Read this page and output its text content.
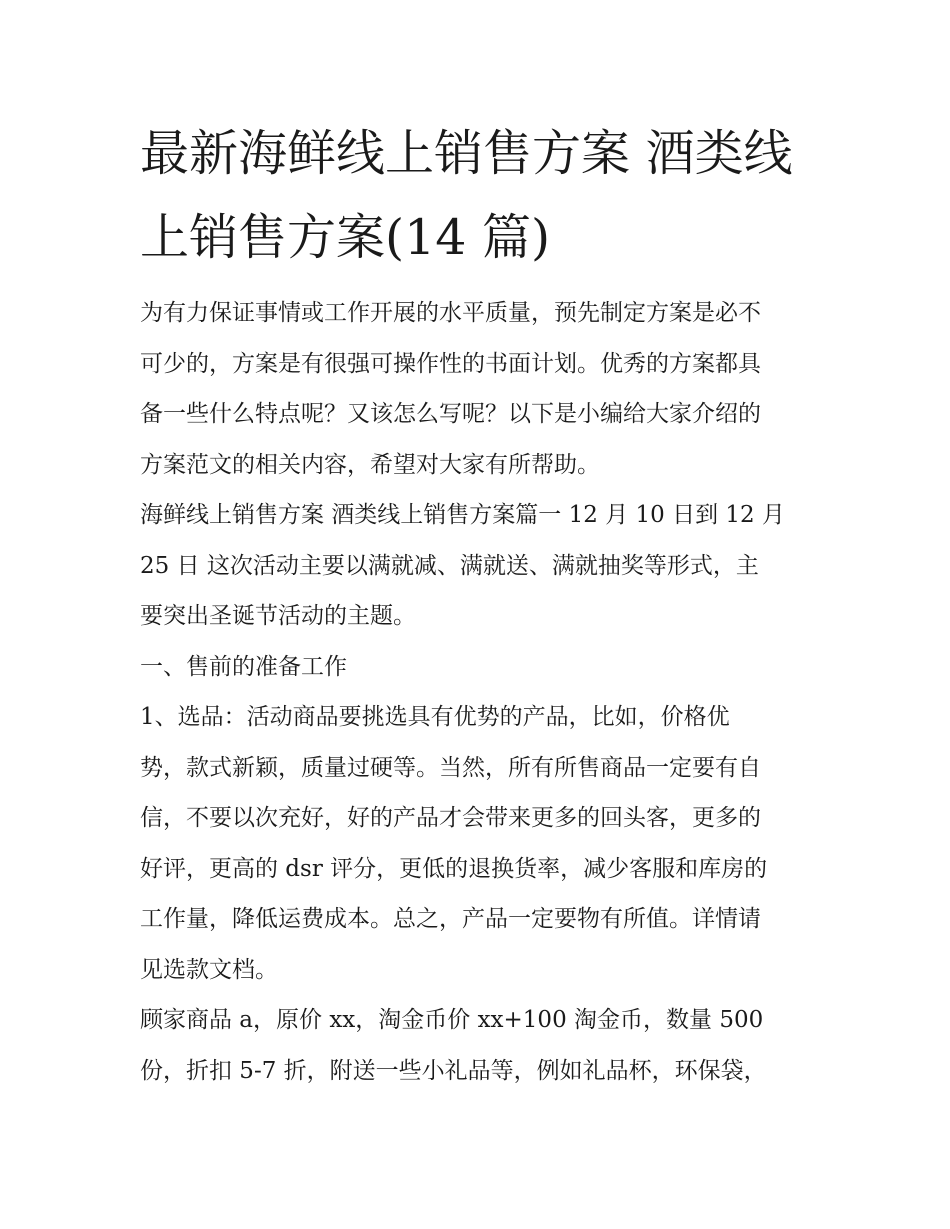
最新海鲜线上销售方案 酒类线
上销售方案(14 篇)

为有力保证事情或工作开展的水平质量，预先制定方案是必不
可少的，方案是有很强可操作性的书面计划。优秀的方案都具
备一些什么特点呢？又该怎么写呢？以下是小编给大家介绍的
方案范文的相关内容，希望对大家有所帮助。

海鲜线上销售方案 酒类线上销售方案篇一 12 月 10 日到 12 月
25 日 这次活动主要以满就减、满就送、满就抽奖等形式，主
要突出圣诞节活动的主题。

一、售前的准备工作

1、选品：活动商品要挑选具有优势的产品，比如，价格优
势，款式新颖，质量过硬等。当然，所有所售商品一定要有自
信，不要以次充好，好的产品才会带来更多的回头客，更多的
好评，更高的 dsr 评分，更低的退换货率，减少客服和库房的
工作量，降低运费成本。总之，产品一定要物有所值。详情请
见选款文档。

顾家商品 a，原价 xx，淘金币价 xx+100 淘金币，数量 500
份，折扣 5-7 折，附送一些小礼品等，例如礼品杯，环保袋，
